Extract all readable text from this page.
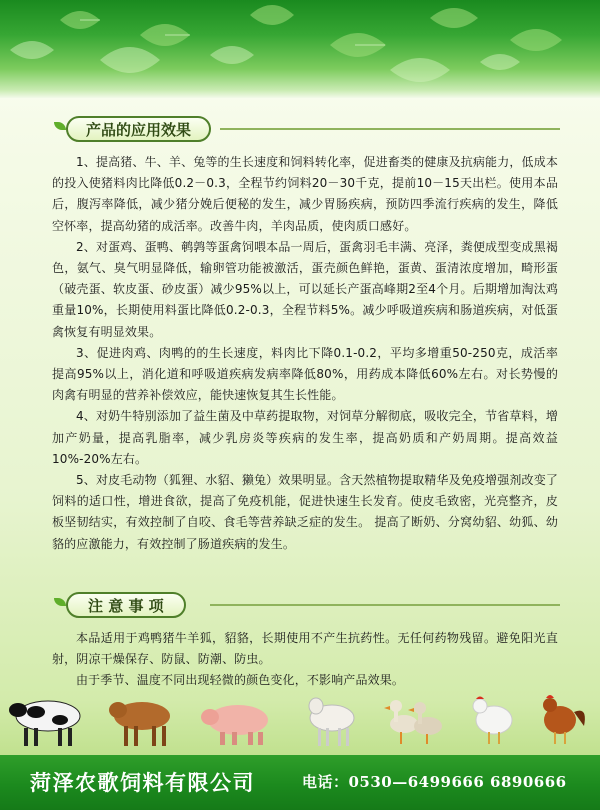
产品的应用效果

1、提高猪、牛、羊、兔等的生长速度和饲料转化率，促进畜类的健康及抗病能力，低成本的投入使猪料肉比降低0.2－0.3，全程节约饲料20－30千克，提前10－15天出栏。使用本品后，腹泻率降低，减少猪分娩后便秘的发生，减少胃肠疾病，预防四季流行疾病的发生，降低空怀率，提高幼猪的成活率。改善牛肉，羊肉品质，使肉质口感好。

2、对蛋鸡、蛋鸭、鹌鹑等蛋禽饲喂本品一周后，蛋禽羽毛丰满、亮泽，粪便成型变成黑褐色，氨气、臭气明显降低，输卵管功能被激活，蛋壳颜色鲜艳，蛋黄、蛋清浓度增加，畸形蛋（破壳蛋、软皮蛋、砂皮蛋）减少95%以上，可以延长产蛋高峰期2至4个月。后期增加淘汰鸡重量10%，长期使用料蛋比降低0.2-0.3，全程节料5%。减少呼吸道疾病和肠道疾病，对低蛋禽恢复有明显效果。

3、促进肉鸡、肉鸭的的生长速度，料肉比下降0.1-0.2，平均多增重50-250克，成活率提高95%以上，消化道和呼吸道疾病发病率降低80%，用药成本降低60%左右。对长势慢的肉禽有明显的营养补偿效应，能快速恢复其生长性能。

4、对奶牛特别添加了益生菌及中草药提取物，对饲草分解彻底，吸收完全，节省草料，增加产奶量，提高乳脂率，减少乳房炎等疾病的发生率，提高奶质和产奶周期。提高效益10%-20%左右。

5、对皮毛动物（狐狸、水貂、獭兔）效果明显。含天然植物提取精华及免疫增强剂改变了饲料的适口性，增进食欲，提高了免疫机能，促进快速生长发育。使皮毛致密，光亮整齐，皮板坚韧结实，有效控制了自咬、食毛等营养缺乏症的发生。 提高了断奶、分窝幼貂、幼狐、幼貉的应激能力，有效控制了肠道疾病的发生。

注 意 事 项

本品适用于鸡鸭猪牛羊狐，貂貉，长期使用不产生抗药性。无任何药物残留。避免阳光直射，阴凉干燥保存、防鼠、防潮、防虫。

由于季节、温度不同出现轻微的颜色变化，不影响产品效果。

菏泽农歌饲料有限公司	电话：0530—6499666 6890666
